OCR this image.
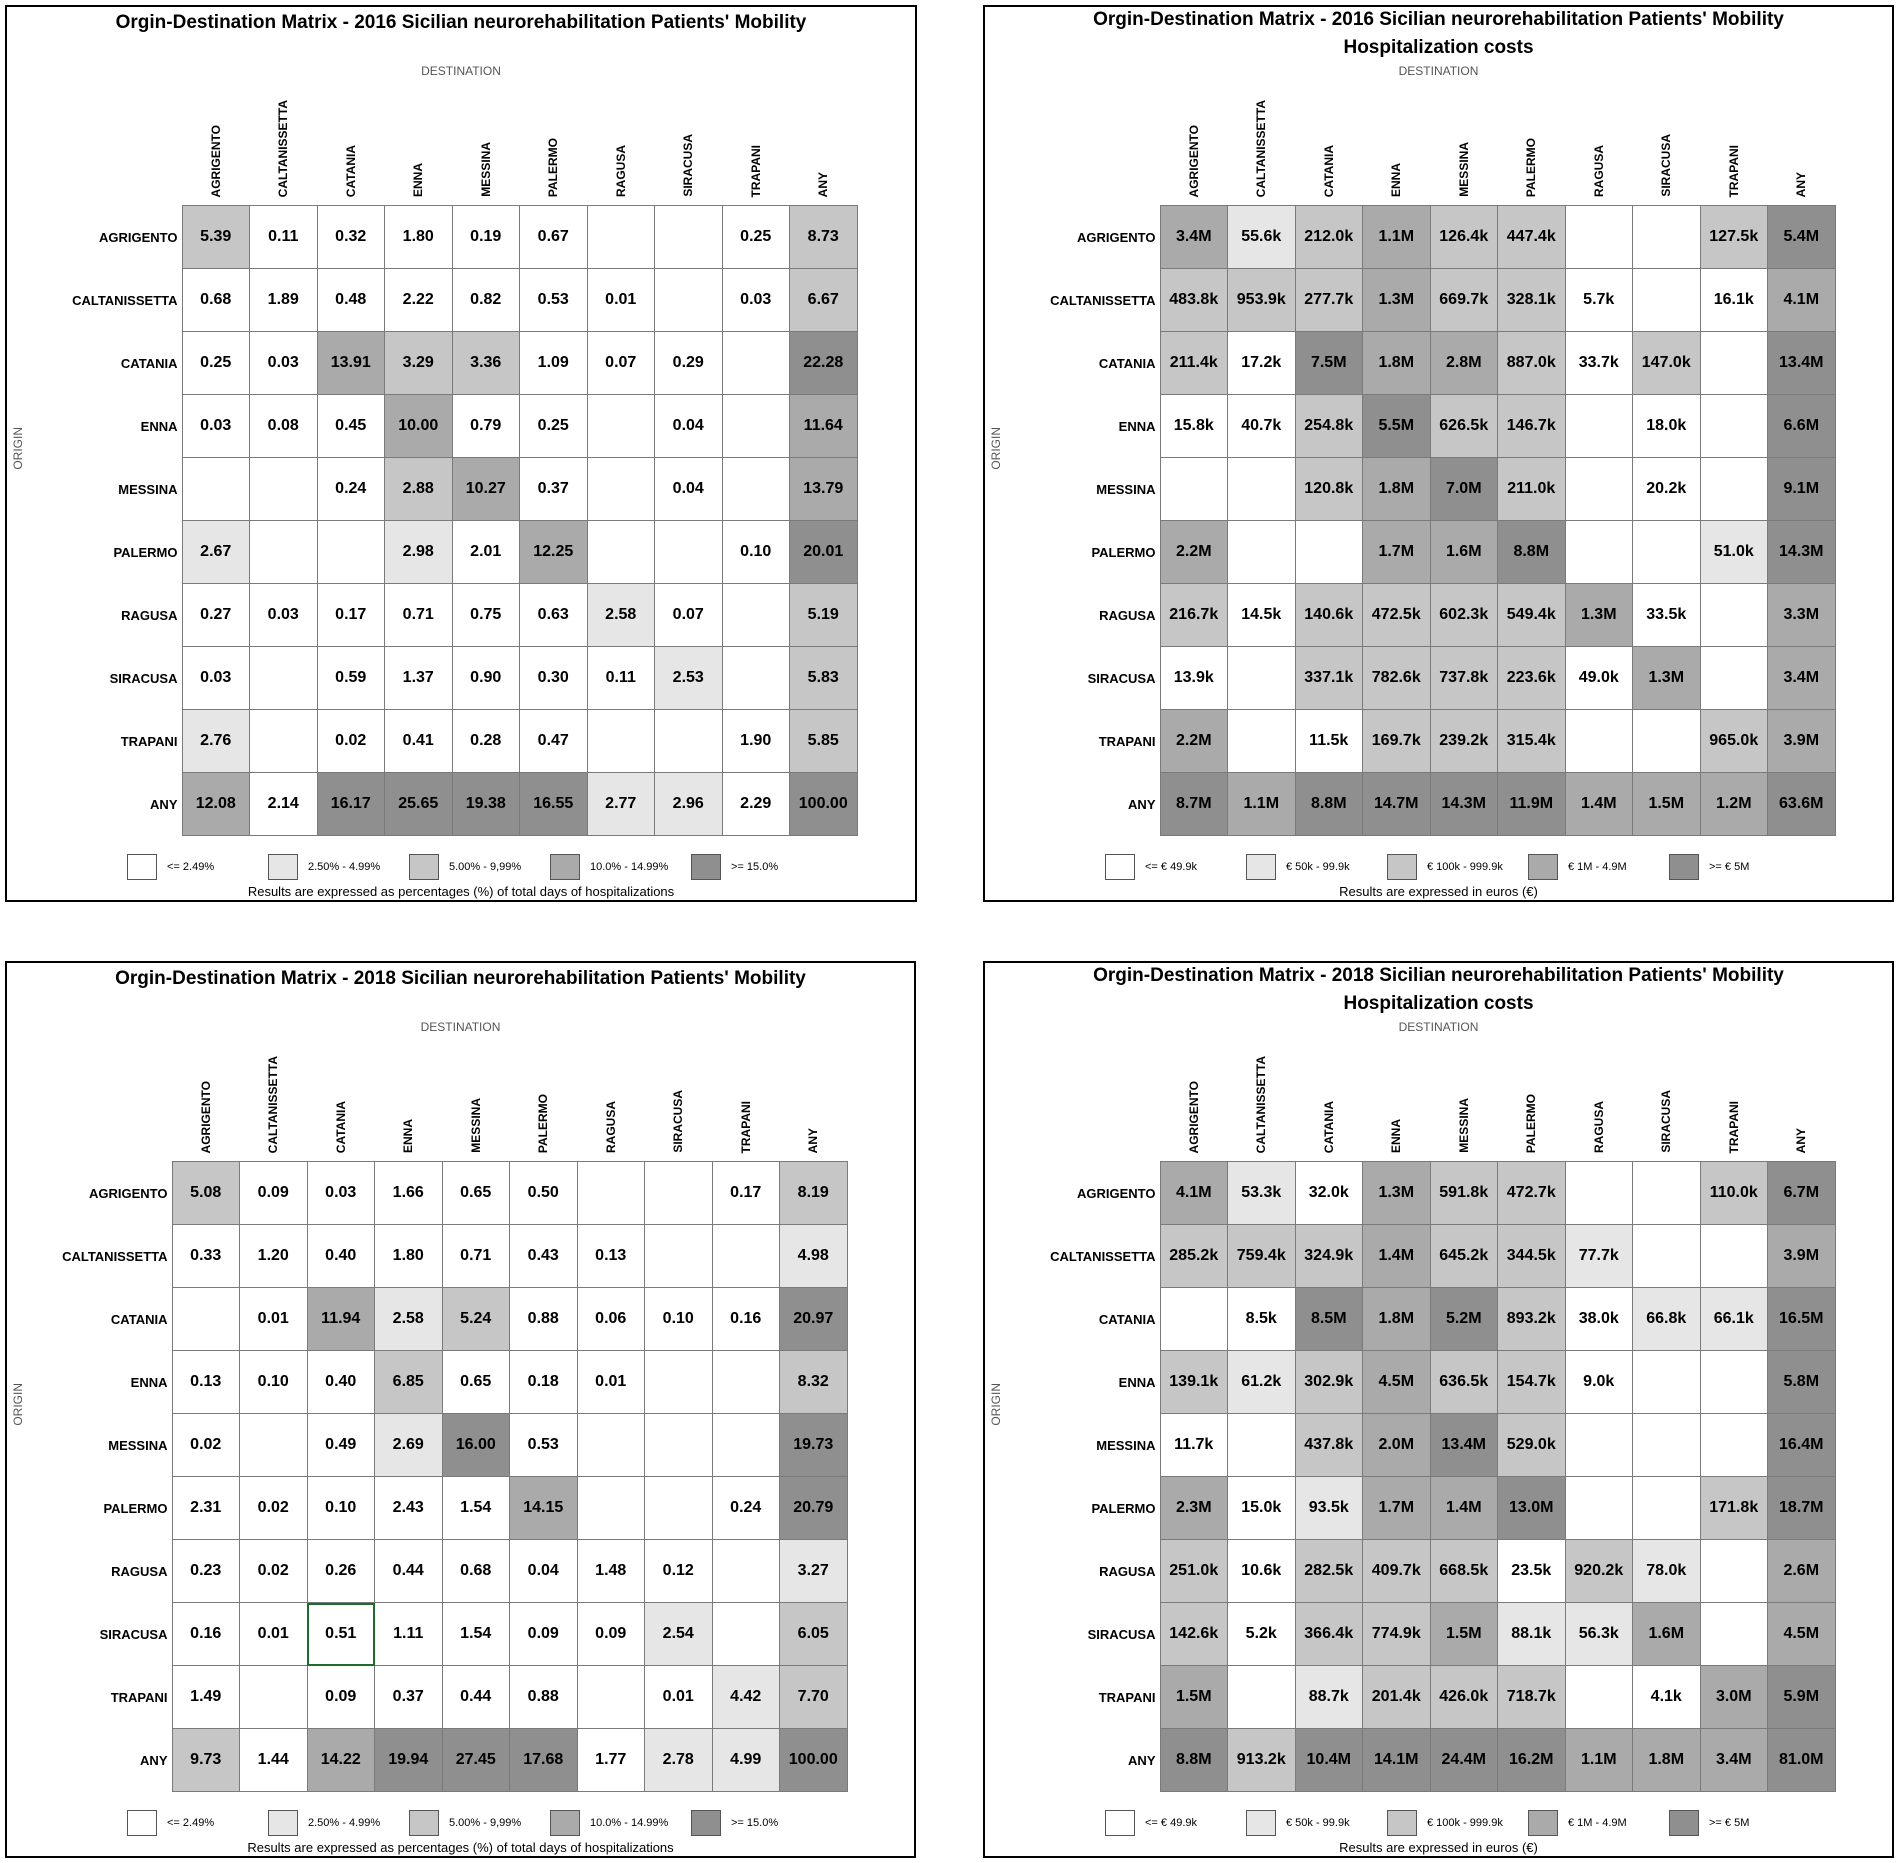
Orgin-Destination Matrix - 2016 Sicilian neurorehabilitation Patients' Mobility
DESTINATION
ORIGIN

	AGRIGENTO	CALTANISSETTA	CATANIA	ENNA	MESSINA	PALERMO	RAGUSA	SIRACUSA	TRAPANI	ANY

AGRIGENTO	5.39	0.11	0.32	1.80	0.19	0.67			0.25	8.73
CALTANISSETTA	0.68	1.89	0.48	2.22	0.82	0.53	0.01		0.03	6.67
CATANIA	0.25	0.03	13.91	3.29	3.36	1.09	0.07	0.29		22.28
ENNA	0.03	0.08	0.45	10.00	0.79	0.25		0.04		11.64
MESSINA			0.24	2.88	10.27	0.37		0.04		13.79
PALERMO	2.67			2.98	2.01	12.25			0.10	20.01
RAGUSA	0.27	0.03	0.17	0.71	0.75	0.63	2.58	0.07		5.19
SIRACUSA	0.03		0.59	1.37	0.90	0.30	0.11	2.53		5.83
TRAPANI	2.76		0.02	0.41	0.28	0.47			1.90	5.85
ANY	12.08	2.14	16.17	25.65	19.38	16.55	2.77	2.96	2.29	100.00
<= 2.49%	2.50% - 4.99%	5.00% - 9,99%	10.0% - 14.99%	>= 15.0%
Results are expressed as percentages (%) of total days of hospitalizations
Orgin-Destination Matrix - 2016 Sicilian neurorehabilitation Patients' Mobility
Hospitalization costs
DESTINATION
ORIGIN

	AGRIGENTO	CALTANISSETTA	CATANIA	ENNA	MESSINA	PALERMO	RAGUSA	SIRACUSA	TRAPANI	ANY

AGRIGENTO	3.4M	55.6k	212.0k	1.1M	126.4k	447.4k			127.5k	5.4M
CALTANISSETTA	483.8k	953.9k	277.7k	1.3M	669.7k	328.1k	5.7k		16.1k	4.1M
CATANIA	211.4k	17.2k	7.5M	1.8M	2.8M	887.0k	33.7k	147.0k		13.4M
ENNA	15.8k	40.7k	254.8k	5.5M	626.5k	146.7k		18.0k		6.6M
MESSINA			120.8k	1.8M	7.0M	211.0k		20.2k		9.1M
PALERMO	2.2M			1.7M	1.6M	8.8M			51.0k	14.3M
RAGUSA	216.7k	14.5k	140.6k	472.5k	602.3k	549.4k	1.3M	33.5k		3.3M
SIRACUSA	13.9k		337.1k	782.6k	737.8k	223.6k	49.0k	1.3M		3.4M
TRAPANI	2.2M		11.5k	169.7k	239.2k	315.4k			965.0k	3.9M
ANY	8.7M	1.1M	8.8M	14.7M	14.3M	11.9M	1.4M	1.5M	1.2M	63.6M
<= € 49.9k	€ 50k - 99.9k	€ 100k - 999.9k	€ 1M - 4.9M	>= € 5M
Results are expressed in euros (€)
Orgin-Destination Matrix - 2018 Sicilian neurorehabilitation Patients' Mobility
DESTINATION
ORIGIN

	AGRIGENTO	CALTANISSETTA	CATANIA	ENNA	MESSINA	PALERMO	RAGUSA	SIRACUSA	TRAPANI	ANY

AGRIGENTO	5.08	0.09	0.03	1.66	0.65	0.50			0.17	8.19
CALTANISSETTA	0.33	1.20	0.40	1.80	0.71	0.43	0.13			4.98
CATANIA		0.01	11.94	2.58	5.24	0.88	0.06	0.10	0.16	20.97
ENNA	0.13	0.10	0.40	6.85	0.65	0.18	0.01			8.32
MESSINA	0.02		0.49	2.69	16.00	0.53				19.73
PALERMO	2.31	0.02	0.10	2.43	1.54	14.15			0.24	20.79
RAGUSA	0.23	0.02	0.26	0.44	0.68	0.04	1.48	0.12		3.27
SIRACUSA	0.16	0.01	0.51	1.11	1.54	0.09	0.09	2.54		6.05
TRAPANI	1.49		0.09	0.37	0.44	0.88		0.01	4.42	7.70
ANY	9.73	1.44	14.22	19.94	27.45	17.68	1.77	2.78	4.99	100.00
<= 2.49%	2.50% - 4.99%	5.00% - 9,99%	10.0% - 14.99%	>= 15.0%
Results are expressed as percentages (%) of total days of hospitalizations
Orgin-Destination Matrix - 2018 Sicilian neurorehabilitation Patients' Mobility
Hospitalization costs
DESTINATION
ORIGIN

	AGRIGENTO	CALTANISSETTA	CATANIA	ENNA	MESSINA	PALERMO	RAGUSA	SIRACUSA	TRAPANI	ANY

AGRIGENTO	4.1M	53.3k	32.0k	1.3M	591.8k	472.7k			110.0k	6.7M
CALTANISSETTA	285.2k	759.4k	324.9k	1.4M	645.2k	344.5k	77.7k			3.9M
CATANIA		8.5k	8.5M	1.8M	5.2M	893.2k	38.0k	66.8k	66.1k	16.5M
ENNA	139.1k	61.2k	302.9k	4.5M	636.5k	154.7k	9.0k			5.8M
MESSINA	11.7k		437.8k	2.0M	13.4M	529.0k				16.4M
PALERMO	2.3M	15.0k	93.5k	1.7M	1.4M	13.0M			171.8k	18.7M
RAGUSA	251.0k	10.6k	282.5k	409.7k	668.5k	23.5k	920.2k	78.0k		2.6M
SIRACUSA	142.6k	5.2k	366.4k	774.9k	1.5M	88.1k	56.3k	1.6M		4.5M
TRAPANI	1.5M		88.7k	201.4k	426.0k	718.7k		4.1k	3.0M	5.9M
ANY	8.8M	913.2k	10.4M	14.1M	24.4M	16.2M	1.1M	1.8M	3.4M	81.0M
<= € 49.9k	€ 50k - 99.9k	€ 100k - 999.9k	€ 1M - 4.9M	>= € 5M
Results are expressed in euros (€)
